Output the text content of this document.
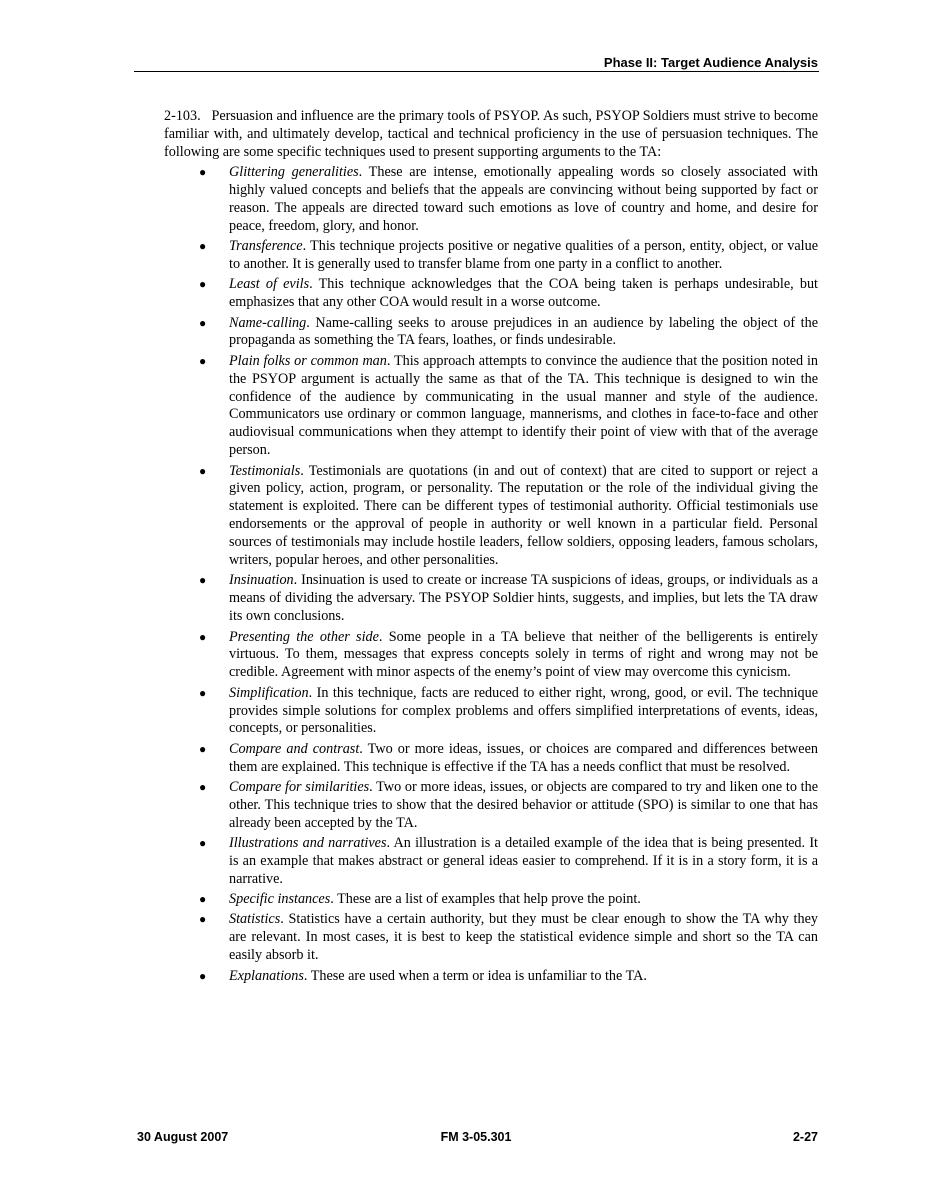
Phase II: Target Audience Analysis

2-103.   Persuasion and influence are the primary tools of PSYOP. As such, PSYOP Soldiers must strive to become familiar with, and ultimately develop, tactical and technical proficiency in the use of persuasion techniques. The following are some specific techniques used to present supporting arguments to the TA:

● Glittering generalities. These are intense, emotionally appealing words so closely associated with highly valued concepts and beliefs that the appeals are convincing without being supported by fact or reason. The appeals are directed toward such emotions as love of country and home, and desire for peace, freedom, glory, and honor.
● Transference. This technique projects positive or negative qualities of a person, entity, object, or value to another. It is generally used to transfer blame from one party in a conflict to another.
● Least of evils. This technique acknowledges that the COA being taken is perhaps undesirable, but emphasizes that any other COA would result in a worse outcome.
● Name-calling. Name-calling seeks to arouse prejudices in an audience by labeling the object of the propaganda as something the TA fears, loathes, or finds undesirable.
● Plain folks or common man. This approach attempts to convince the audience that the position noted in the PSYOP argument is actually the same as that of the TA. This technique is designed to win the confidence of the audience by communicating in the usual manner and style of the audience. Communicators use ordinary or common language, mannerisms, and clothes in face-to-face and other audiovisual communications when they attempt to identify their point of view with that of the average person.
● Testimonials. Testimonials are quotations (in and out of context) that are cited to support or reject a given policy, action, program, or personality. The reputation or the role of the individual giving the statement is exploited. There can be different types of testimonial authority. Official testimonials use endorsements or the approval of people in authority or well known in a particular field. Personal sources of testimonials may include hostile leaders, fellow soldiers, opposing leaders, famous scholars, writers, popular heroes, and other personalities.
● Insinuation. Insinuation is used to create or increase TA suspicions of ideas, groups, or individuals as a means of dividing the adversary. The PSYOP Soldier hints, suggests, and implies, but lets the TA draw its own conclusions.
● Presenting the other side. Some people in a TA believe that neither of the belligerents is entirely virtuous. To them, messages that express concepts solely in terms of right and wrong may not be credible. Agreement with minor aspects of the enemy’s point of view may overcome this cynicism.
● Simplification. In this technique, facts are reduced to either right, wrong, good, or evil. The technique provides simple solutions for complex problems and offers simplified interpretations of events, ideas, concepts, or personalities.
● Compare and contrast. Two or more ideas, issues, or choices are compared and differences between them are explained. This technique is effective if the TA has a needs conflict that must be resolved.
● Compare for similarities. Two or more ideas, issues, or objects are compared to try and liken one to the other. This technique tries to show that the desired behavior or attitude (SPO) is similar to one that has already been accepted by the TA.
● Illustrations and narratives. An illustration is a detailed example of the idea that is being presented. It is an example that makes abstract or general ideas easier to comprehend. If it is in a story form, it is a narrative.
● Specific instances. These are a list of examples that help prove the point.
● Statistics. Statistics have a certain authority, but they must be clear enough to show the TA why they are relevant. In most cases, it is best to keep the statistical evidence simple and short so the TA can easily absorb it.
● Explanations. These are used when a term or idea is unfamiliar to the TA.
30 August 2007	FM 3-05.301	2-27
